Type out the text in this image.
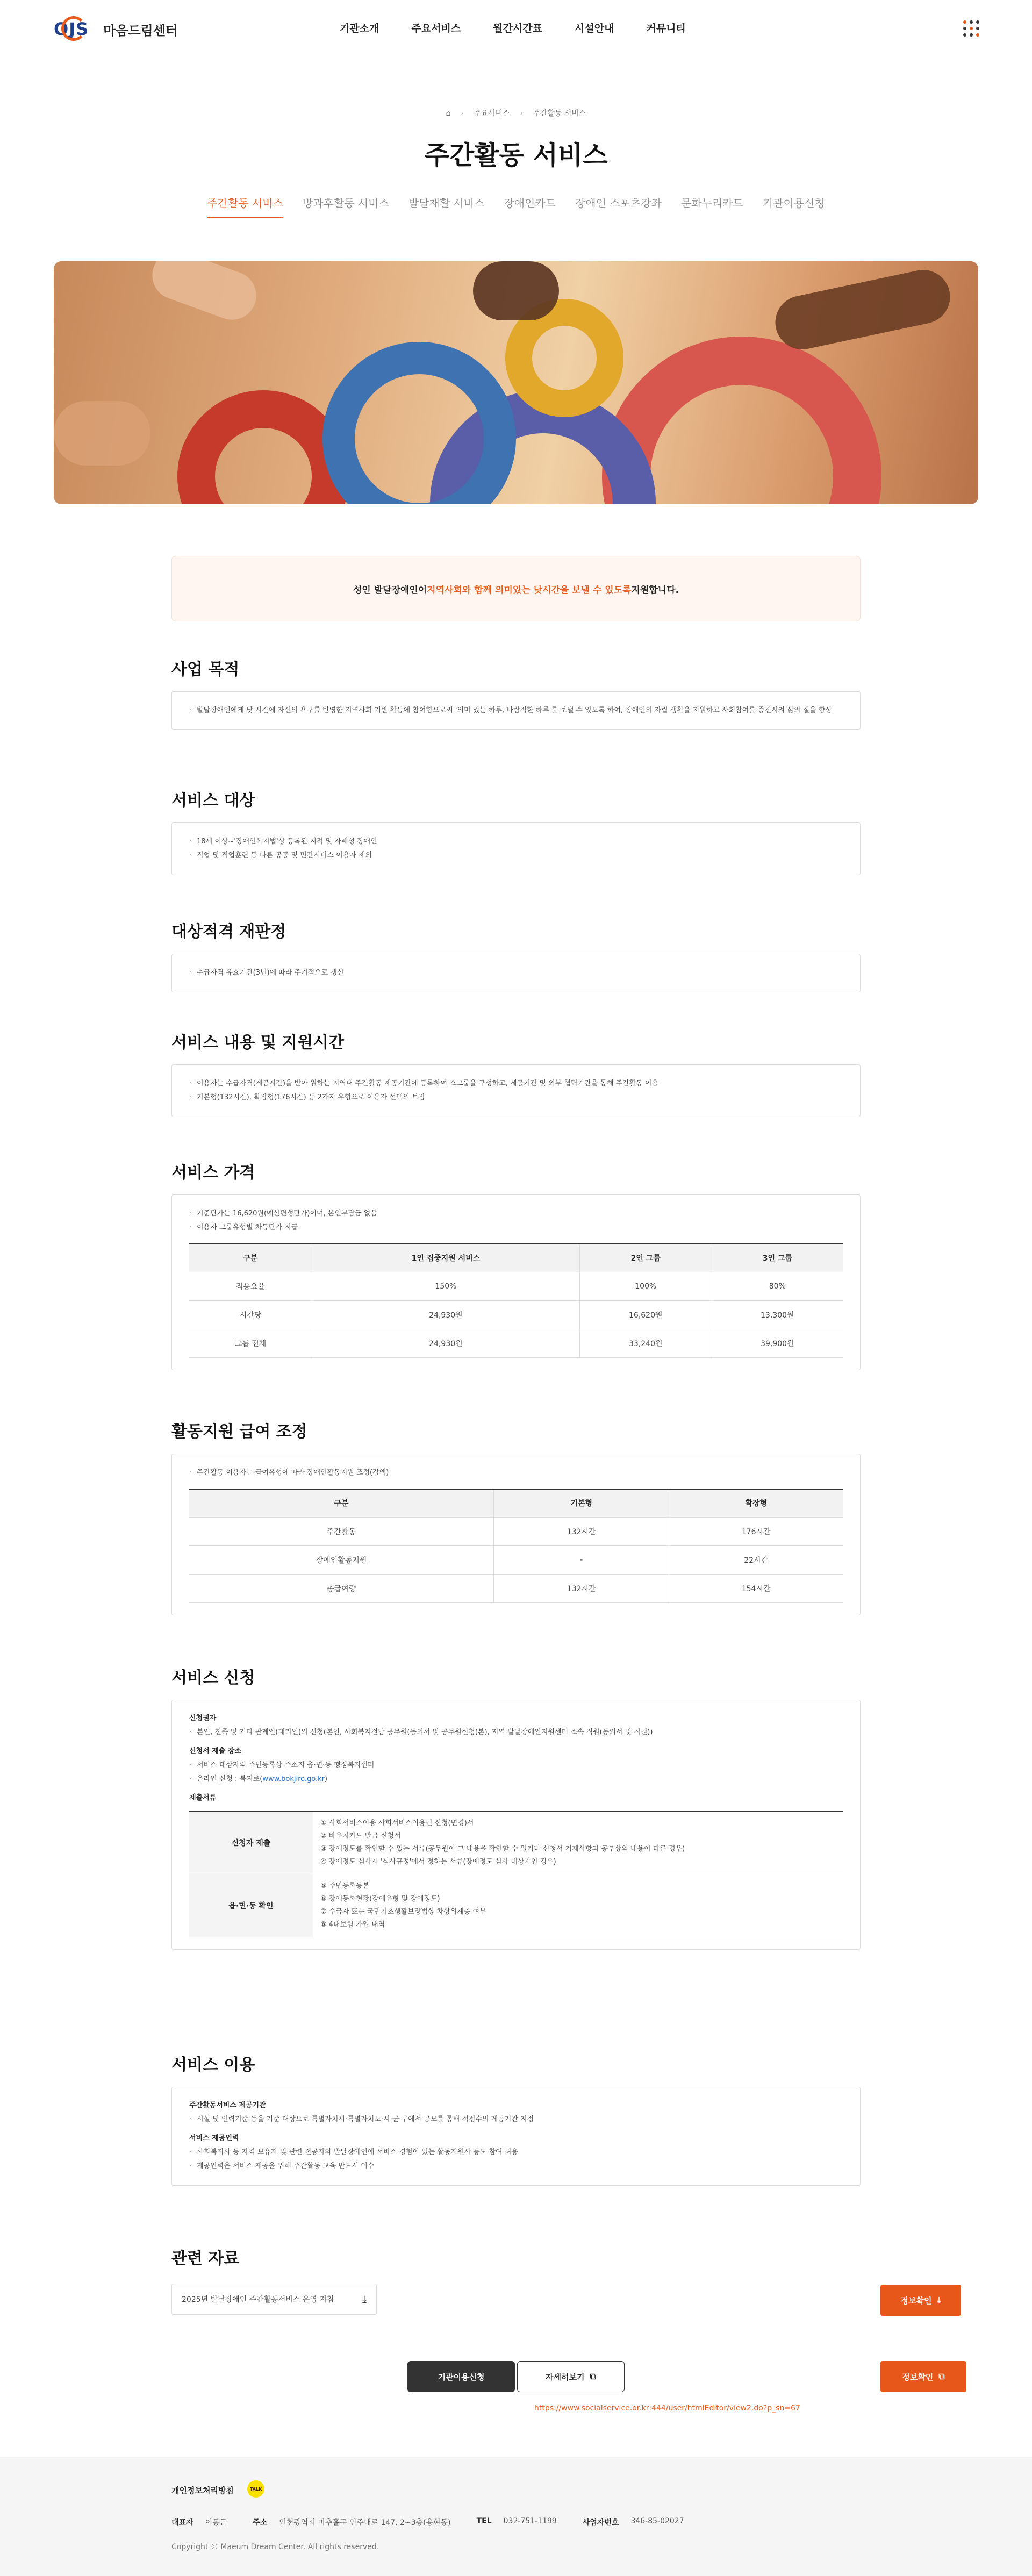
OJS	마음드림센터	기관소개	주요서비스	월간시간표	시설안내	커뮤니티
⌂ › 주요서비스 › 주간활동 서비스
주간활동 서비스
주간활동 서비스 방과후활동 서비스 발달재활 서비스 장애인카드 장애인 스포츠강좌 문화누리카드 기관이용신청
성인 발달장애인이 지역사회와 함께 의미있는 낮시간을 보낼 수 있도록 지원합니다.
사업 목적
· 발달장애인에게 낮 시간에 자신의 욕구를 반영한 지역사회 기반 활동에 참여함으로써 '의미 있는 하루, 바람직한 하루'를 보낼 수 있도록 하여, 장애인의 자립 생활을 지원하고 사회참여를 증진시켜 삶의 질을 향상
서비스 대상
· 18세 이상~'장애인복지법'상 등록된 지적 및 자폐성 장애인
· 직업 및 직업훈련 등 다른 공공 및 민간서비스 이용자 제외
대상적격 재판정
· 수급자격 유효기간(3년)에 따라 주기적으로 갱신
서비스 내용 및 지원시간
· 이용자는 수급자격(제공시간)을 받아 원하는 지역내 주간활동 제공기관에 등록하여 소그룹을 구성하고, 제공기관 및 외부 협력기관을 통해 주간활동 이용
· 기본형(132시간), 확장형(176시간) 등 2가지 유형으로 이용자 선택의 보장
서비스 가격
· 기준단가는 16,620원(예산편성단가)이며, 본인부담금 없음
· 이용자 그룹유형별 차등단가 지급
구분	1인 집중지원 서비스	2인 그룹	3인 그룹
적용요율	150%	100%	80%
시간당	24,930원	16,620원	13,300원
그룹 전체	24,930원	33,240원	39,900원
활동지원 급여 조정
· 주간활동 이용자는 급여유형에 따라 장애인활동지원 조정(감액)
구분	기본형	확장형
주간활동	132시간	176시간
장애인활동지원	-	22시간
총급여량	132시간	154시간
서비스 신청
신청권자
· 본인, 친족 및 기타 관계인(대리인)의 신청(본인, 사회복지전담 공무원(동의서 및 공무원신청(본), 지역 발달장애인지원센터 소속 직원(동의서 및 직권))
신청서 제출 장소
· 서비스 대상자의 주민등록상 주소지 읍·면·동 행정복지센터
· 온라인 신청 : 복지로(www.bokjiro.go.kr)
제출서류
신청자 제출	① 사회서비스이용 사회서비스이용권 신청(변경)서
② 바우처카드 발급 신청서
③ 장애정도를 확인할 수 있는 서류(공무원이 그 내용을 확인할 수 없거나 신청서 기재사항과 공부상의 내용이 다른 경우)
④ 장애정도 심사시 '심사규정'에서 정하는 서류(장애정도 심사 대상자인 경우)

읍·면·동 확인	⑤ 주민등록등본
⑥ 장애등록현황(장애유형 및 장애정도)
⑦ 수급자 또는 국민기초생활보장법상 차상위계층 여부
⑧ 4대보험 가입 내역
서비스 이용
주간활동서비스 제공기관
· 시설 및 인력기준 등을 기준 대상으로 특별자치시·특별자치도·시·군·구에서 공모를 통해 적정수의 제공기관 지정
서비스 제공인력
· 사회복지사 등 자격 보유자 및 관련 전공자와 발달장애인에 서비스 경험이 있는 활동지원사 등도 참여 허용
· 제공인력은 서비스 제공을 위해 주간활동 교육 반드시 이수
관련 자료
2025년 발달장애인 주간활동서비스 운영 지침	⤓	정보확인 ⤓
기관이용신청	자세히보기 ⧉	정보확인 ⧉
https://www.socialservice.or.kr:444/user/htmlEditor/view2.do?p_sn=67
개인정보처리방침	TALK
대표자 이동근	주소 인천광역시 미추홀구 인주대로 147, 2~3층(용현동)	TEL 032-751-1199	사업자번호 346-85-02027
Copyright © Maeum Dream Center. All rights reserved.
